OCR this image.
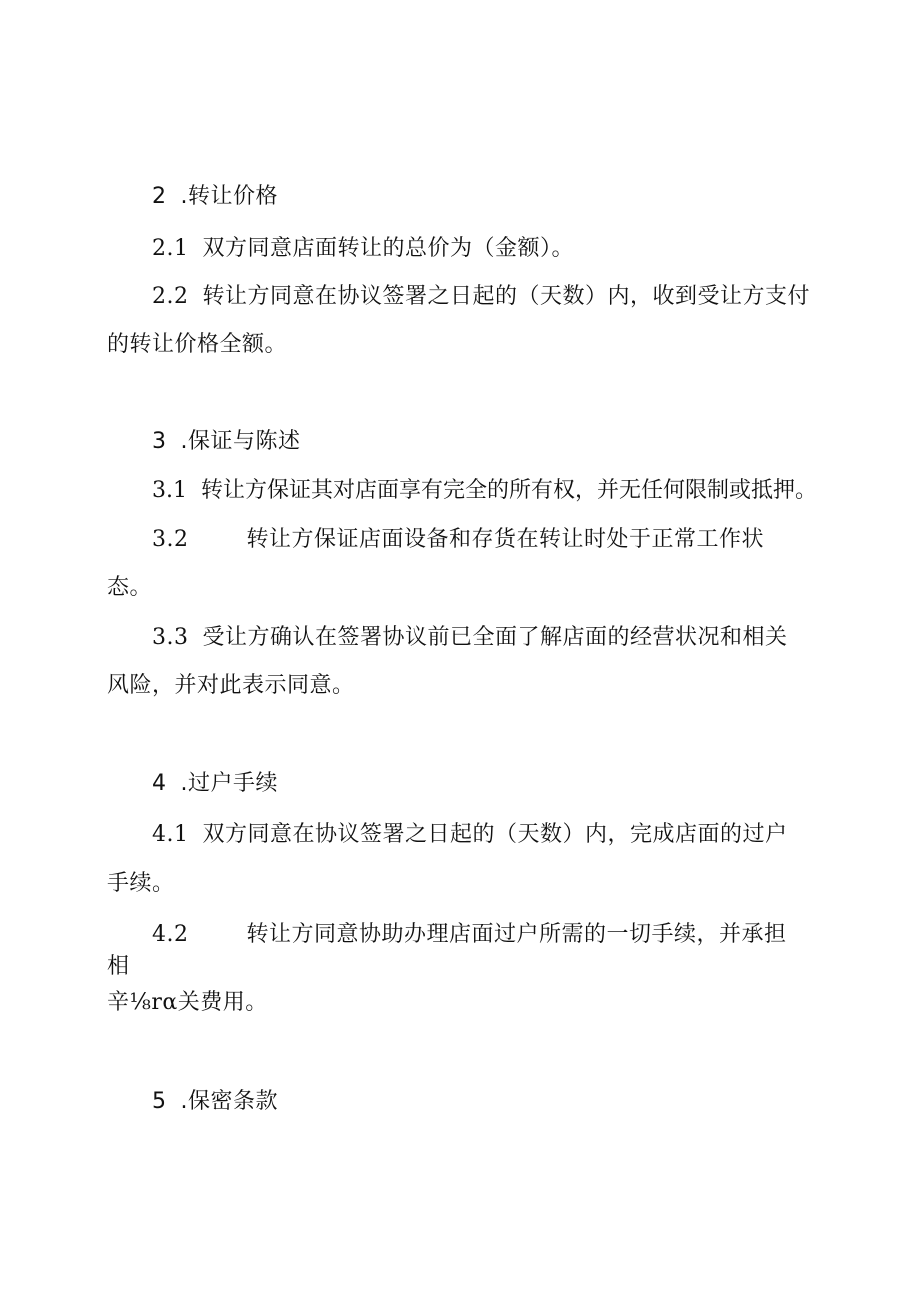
2 .转让价格
2.1 双方同意店面转让的总价为（金额）。
2.2 转让方同意在协议签署之日起的（天数）内，收到受让方支付
的转让价格全额。
3 .保证与陈述
3.1 转让方保证其对店面享有完全的所有权，并无任何限制或抵押。
3.2	转让方保证店面设备和存货在转让时处于正常工作状
态。
3.3 受让方确认在签署协议前已全面了解店面的经营状况和相关
风险，并对此表示同意。
4 .过户手续
4.1 双方同意在协议签署之日起的（天数）内，完成店面的过户
手续。
4.2	转让方同意协助办理店面过户所需的一切手续，并承担
相
辛⅛rα关费用。
5 .保密条款
